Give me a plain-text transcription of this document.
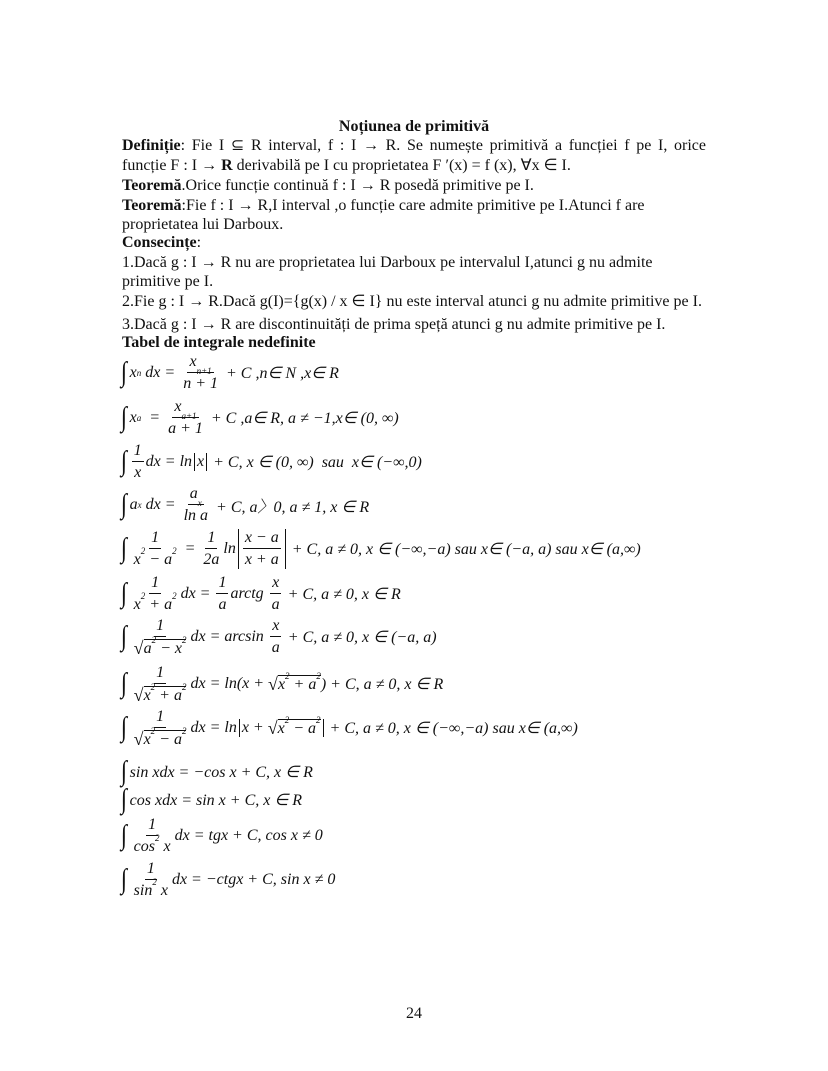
Noțiunea de primitivă
Definiție: Fie I ⊆ R interval, f : I → R. Se numește primitivă a funcției f pe I, orice
funcție F : I → R derivabilă pe I cu proprietatea F ′(x) = f (x), ∀x ∈ I.
Teoremă.Orice funcție continuă f : I → R posedă primitive pe I.
Teoremă:Fie f : I → R,I interval ,o funcție care admite primitive pe I.Atunci f are
proprietatea lui Darboux.
Consecințe:
1.Dacă g : I → R nu are proprietatea lui Darboux pe intervalul I,atunci g nu admite
primitive pe I.
2.Fie g : I → R.Dacă g(I)={g(x) / x ∈ I} nu este interval atunci g nu admite primitive pe I.
3.Dacă g : I → R are discontinuități de prima speță atunci g nu admite primitive pe I.
Tabel de integrale nedefinite
∫ x n dx = x
n+1
n + 1 + C ,n∈ N ,x∈ R
∫ x a = x
a+1
a + 1 + C ,a∈ R, a ≠ −1,x∈ (0, ∞)
∫ $\frac{1}{x}$ dx = ln x + C, x ∈ (0, ∞)  sau  x∈ (−∞,0)
∫ a x dx = a
x
ln a + C, a〉0, a ≠ 1, x ∈ R
∫ $\frac{1}{x 2 - a 2} = \frac{1}{2a}$ $\ln \frac{x - a}{x + a} + C$, a ≠ 0, x ∈ (−∞,−a) sau x∈ (−a, a) sau x∈ (a,∞)
∫ $\frac{1}{x 2 + a 2}$ dx = $\frac{1}{a}$ arctg $\frac{x}{a} + C$, a ≠ 0, x ∈ R
∫ $\frac{1}{√ a 2 - x 2}$ dx = $\arcsin \frac{x}{a} + C$, a ≠ 0, x ∈ (−a, a)
∫ $\frac{1}{√ x 2 + a 2}$ dx = ln(x + √ x 2 + a 2 ) + C, a ≠ 0, x ∈ R
∫ $\frac{1}{√ x 2 - a 2}$ dx = ln x + √ x 2 − a 2 + C, a ≠ 0, x ∈ (−∞,−a) sau x∈ (a,∞)
∫ sin xdx = −cos x + C, x ∈ R
∫ cos xdx = sin x + C, x ∈ R
∫ $\frac{1}{\cos 2 x}$ dx = tgx + C, cos x ≠ 0
∫ $\frac{1}{\sin 2 x}$ dx = −ctgx + C, sin x ≠ 0
24
